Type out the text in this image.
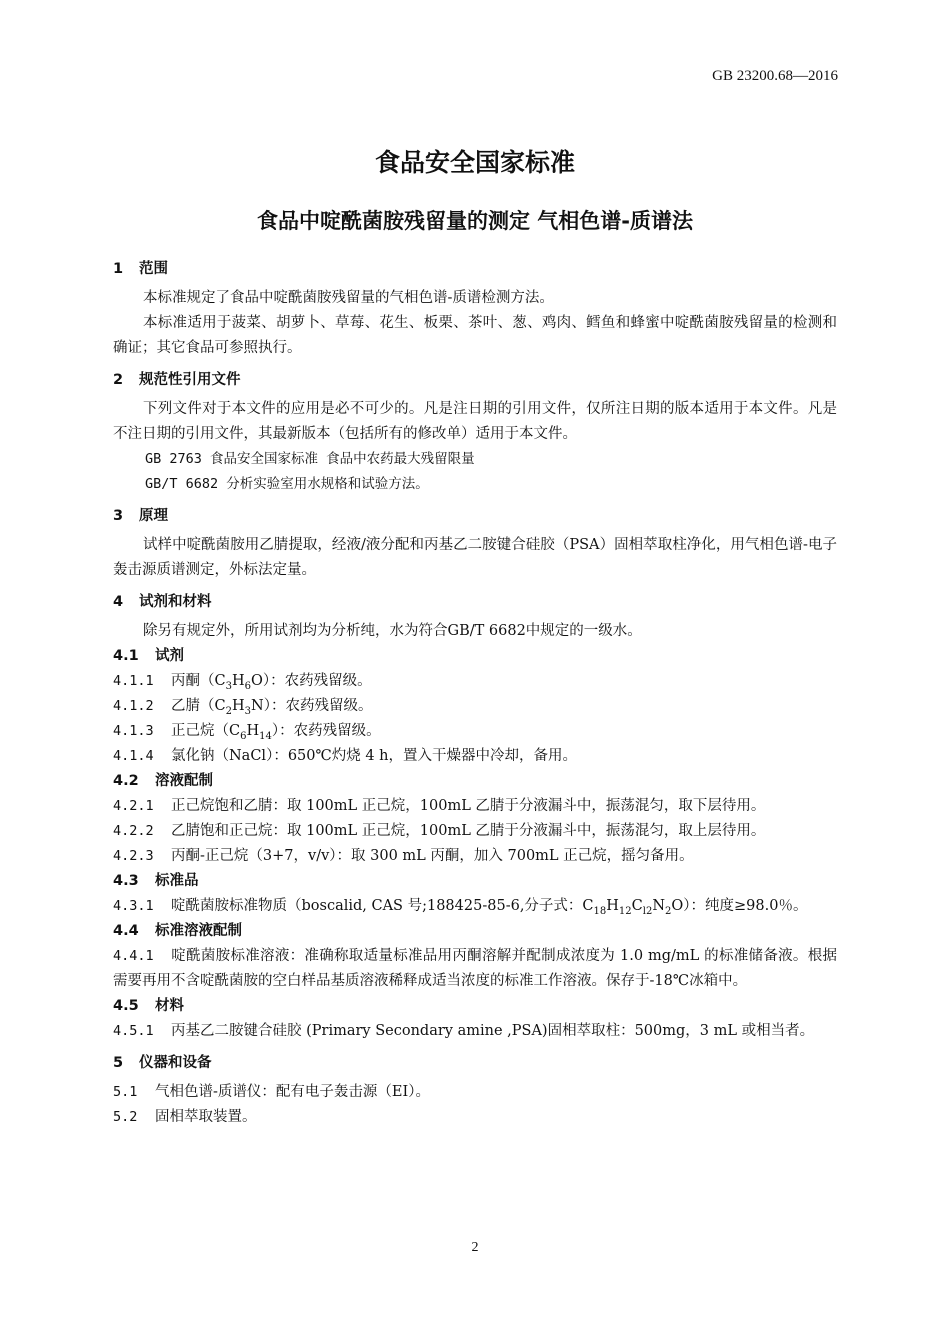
GB 23200.68—2016
食品安全国家标准
食品中啶酰菌胺残留量的测定 气相色谱-质谱法
1 范围
本标准规定了食品中啶酰菌胺残留量的气相色谱-质谱检测方法。
本标准适用于菠菜、胡萝卜、草莓、花生、板栗、茶叶、葱、鸡肉、鳕鱼和蜂蜜中啶酰菌胺残留量的检测和确证；其它食品可参照执行。
2 规范性引用文件
下列文件对于本文件的应用是必不可少的。凡是注日期的引用文件，仅所注日期的版本适用于本文件。凡是不注日期的引用文件，其最新版本（包括所有的修改单）适用于本文件。
GB 2763 食品安全国家标准 食品中农药最大残留限量
GB/T 6682 分析实验室用水规格和试验方法。
3 原理
试样中啶酰菌胺用乙腈提取，经液/液分配和丙基乙二胺键合硅胶（PSA）固相萃取柱净化，用气相色谱-电子轰击源质谱测定，外标法定量。
4 试剂和材料
除另有规定外，所用试剂均为分析纯，水为符合GB/T 6682中规定的一级水。
4.1 试剂
4.1.1 丙酮$(C_3H_6O)$：农药残留级。
4.1.2 乙腈$(C_2H_3N)$：农药残留级。
4.1.3 正己烷$(C_6H_{14})$：农药残留级。
4.1.4 氯化钠（NaCl）：650℃灼烧 4 h，置入干燥器中冷却，备用。
4.2 溶液配制
4.2.1 正己烷饱和乙腈：取 100mL 正己烷，100mL 乙腈于分液漏斗中，振荡混匀，取下层待用。
4.2.2 乙腈饱和正己烷：取 100mL 正己烷，100mL 乙腈于分液漏斗中，振荡混匀，取上层待用。
4.2.3 丙酮-正己烷（3+7，v/v）：取 300 mL 丙酮，加入 700mL 正己烷，摇匀备用。
4.3 标准品
4.3.1 啶酰菌胺标准物质（boscalid, CAS 号;188425-85-6,分子式：$C_{18}H_{12}C_{l2}N_2O$）：纯度≥98.0％。
4.4 标准溶液配制
4.4.1 啶酰菌胺标准溶液：准确称取适量标准品用丙酮溶解并配制成浓度为 1.0 mg/mL 的标准储备液。根据需要再用不含啶酰菌胺的空白样品基质溶液稀释成适当浓度的标准工作溶液。保存于-18℃冰箱中。
4.5 材料
4.5.1 丙基乙二胺键合硅胶 (Primary Secondary amine ,PSA)固相萃取柱：500mg，3 mL 或相当者。
5 仪器和设备
5.1 气相色谱-质谱仪：配有电子轰击源（EI）。
5.2 固相萃取装置。
2
